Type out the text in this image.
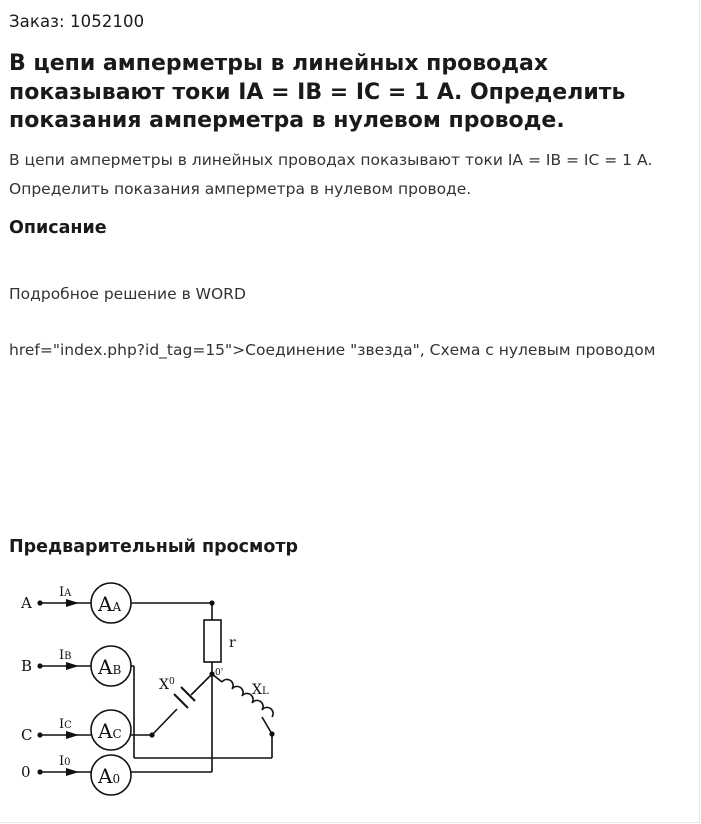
Заказ: 1052100
В цепи амперметры в линейных проводах показывают токи IA = IB = IC = 1 А. Определить показания амперметра в нулевом проводе.

В цепи амперметры в линейных проводах показывают токи IA = IB = IC = 1 А. Определить показания амперметра в нулевом проводе.

Описание

Подробное решение в WORD

href="index.php?id_tag=15">Соединение "звезда", Схема с нулевым проводом

Предварительный просмотр
A
B
C
0
IA
IB
IC
I0
AA
AB
AC
A0
r
0'
$X^0$	XL
